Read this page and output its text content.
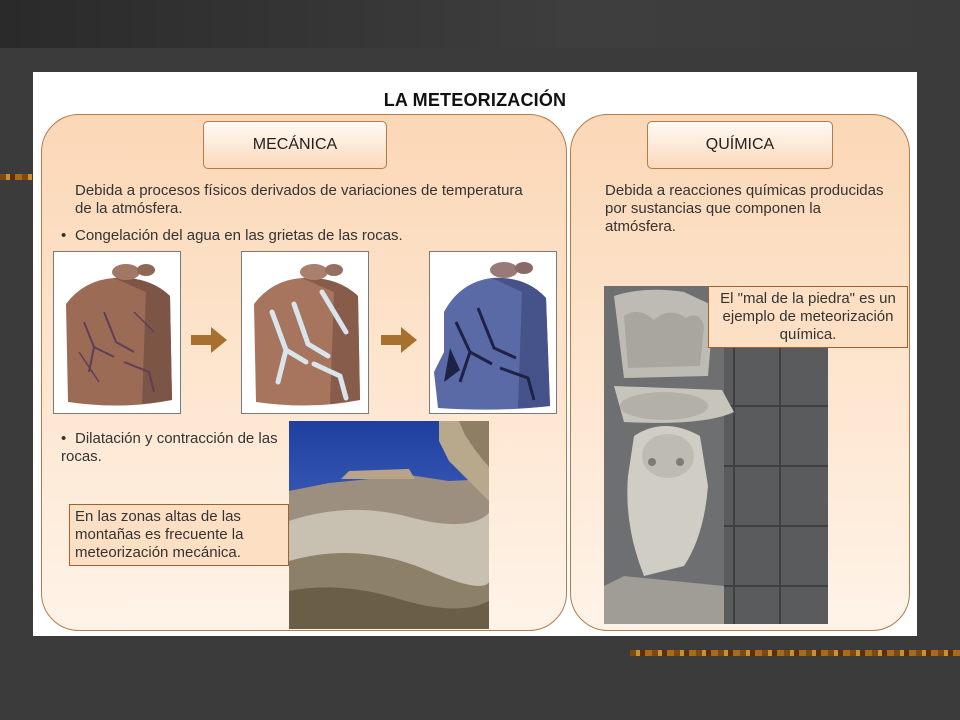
LA METEORIZACIÓN
MECÁNICA	QUÍMICA
Debida a procesos físicos derivados de variaciones de temperatura de la atmósfera.
• Congelación del agua en las grietas de las rocas.
• Dilatación y contracción de las rocas.
En las zonas altas de las montañas es frecuente la meteorización mecánica.
Debida a reacciones químicas producidas por sustancias que componen la atmósfera.
El "mal de la piedra" es un ejemplo de meteorización química.
